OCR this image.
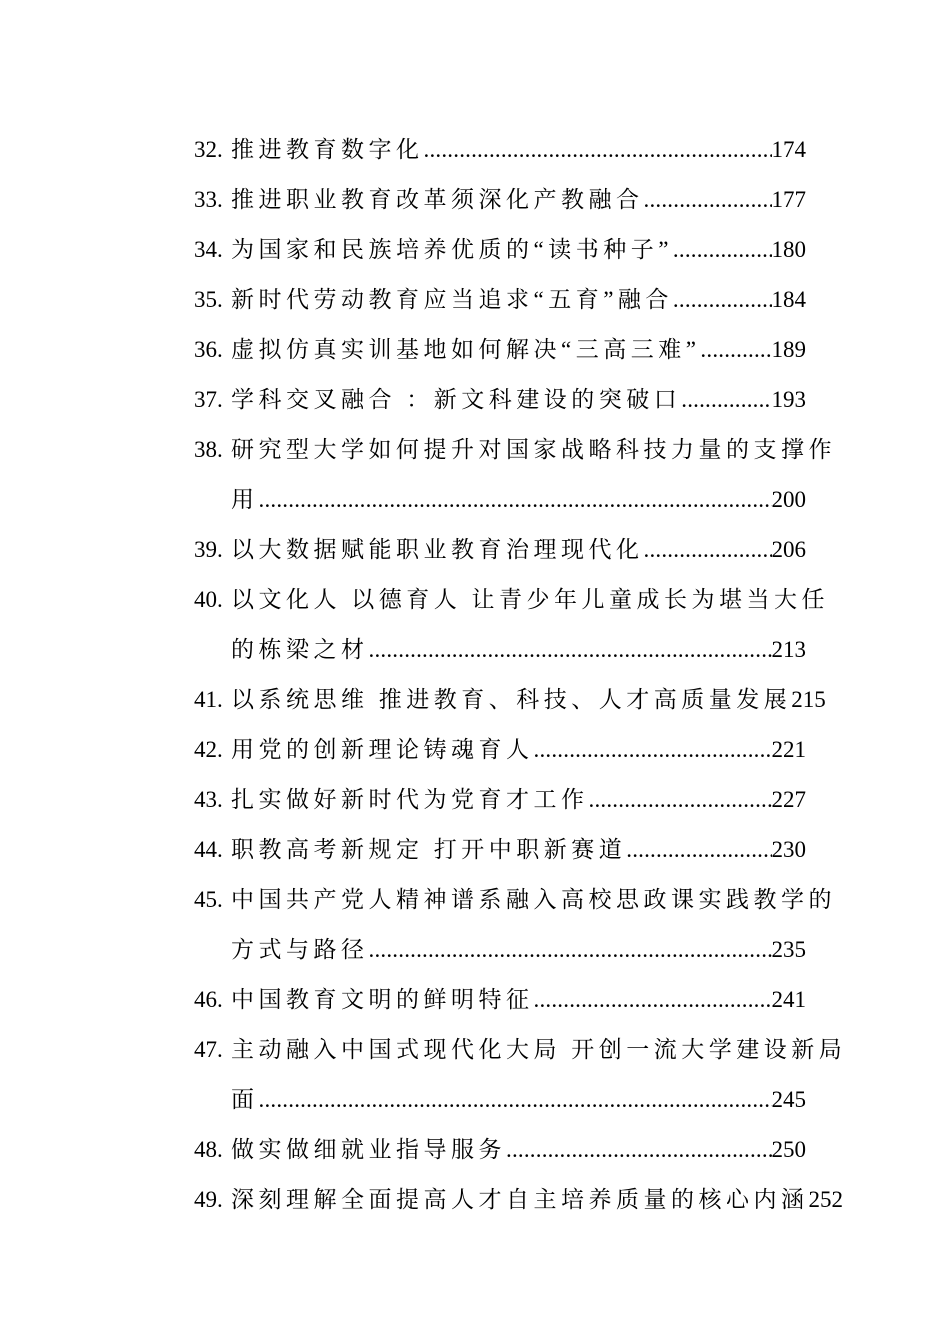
32. 推进教育数字化 .....	174
33. 推进职业教育改革须深化产教融合 .....	177
34. 为国家和民族培养优质的“读书种子” .....	180
35. 新时代劳动教育应当追求“五育”融合 .....	184
36. 虚拟仿真实训基地如何解决“三高三难” .....	189
37. 学科交叉融合 ：新文科建设的突破口 .....	193
38. 研究型大学如何提升对国家战略科技力量的支撑作
用 .....	200
39. 以大数据赋能职业教育治理现代化 .....	206
40. 以文化人 以德育人 让青少年儿童成长为堪当大任
的栋梁之材 .....	213
41. 以系统思维 推进教育、科技、人才高质量发展 215
42. 用党的创新理论铸魂育人 .....	221
43. 扎实做好新时代为党育才工作 .....	227
44. 职教高考新规定 打开中职新赛道 .....	230
45. 中国共产党人精神谱系融入高校思政课实践教学的
方式与路径 .....	235
46. 中国教育文明的鲜明特征 .....	241
47. 主动融入中国式现代化大局 开创一流大学建设新局
面 .....	245
48. 做实做细就业指导服务 .....	250
49. 深刻理解全面提高人才自主培养质量的核心内涵 252
